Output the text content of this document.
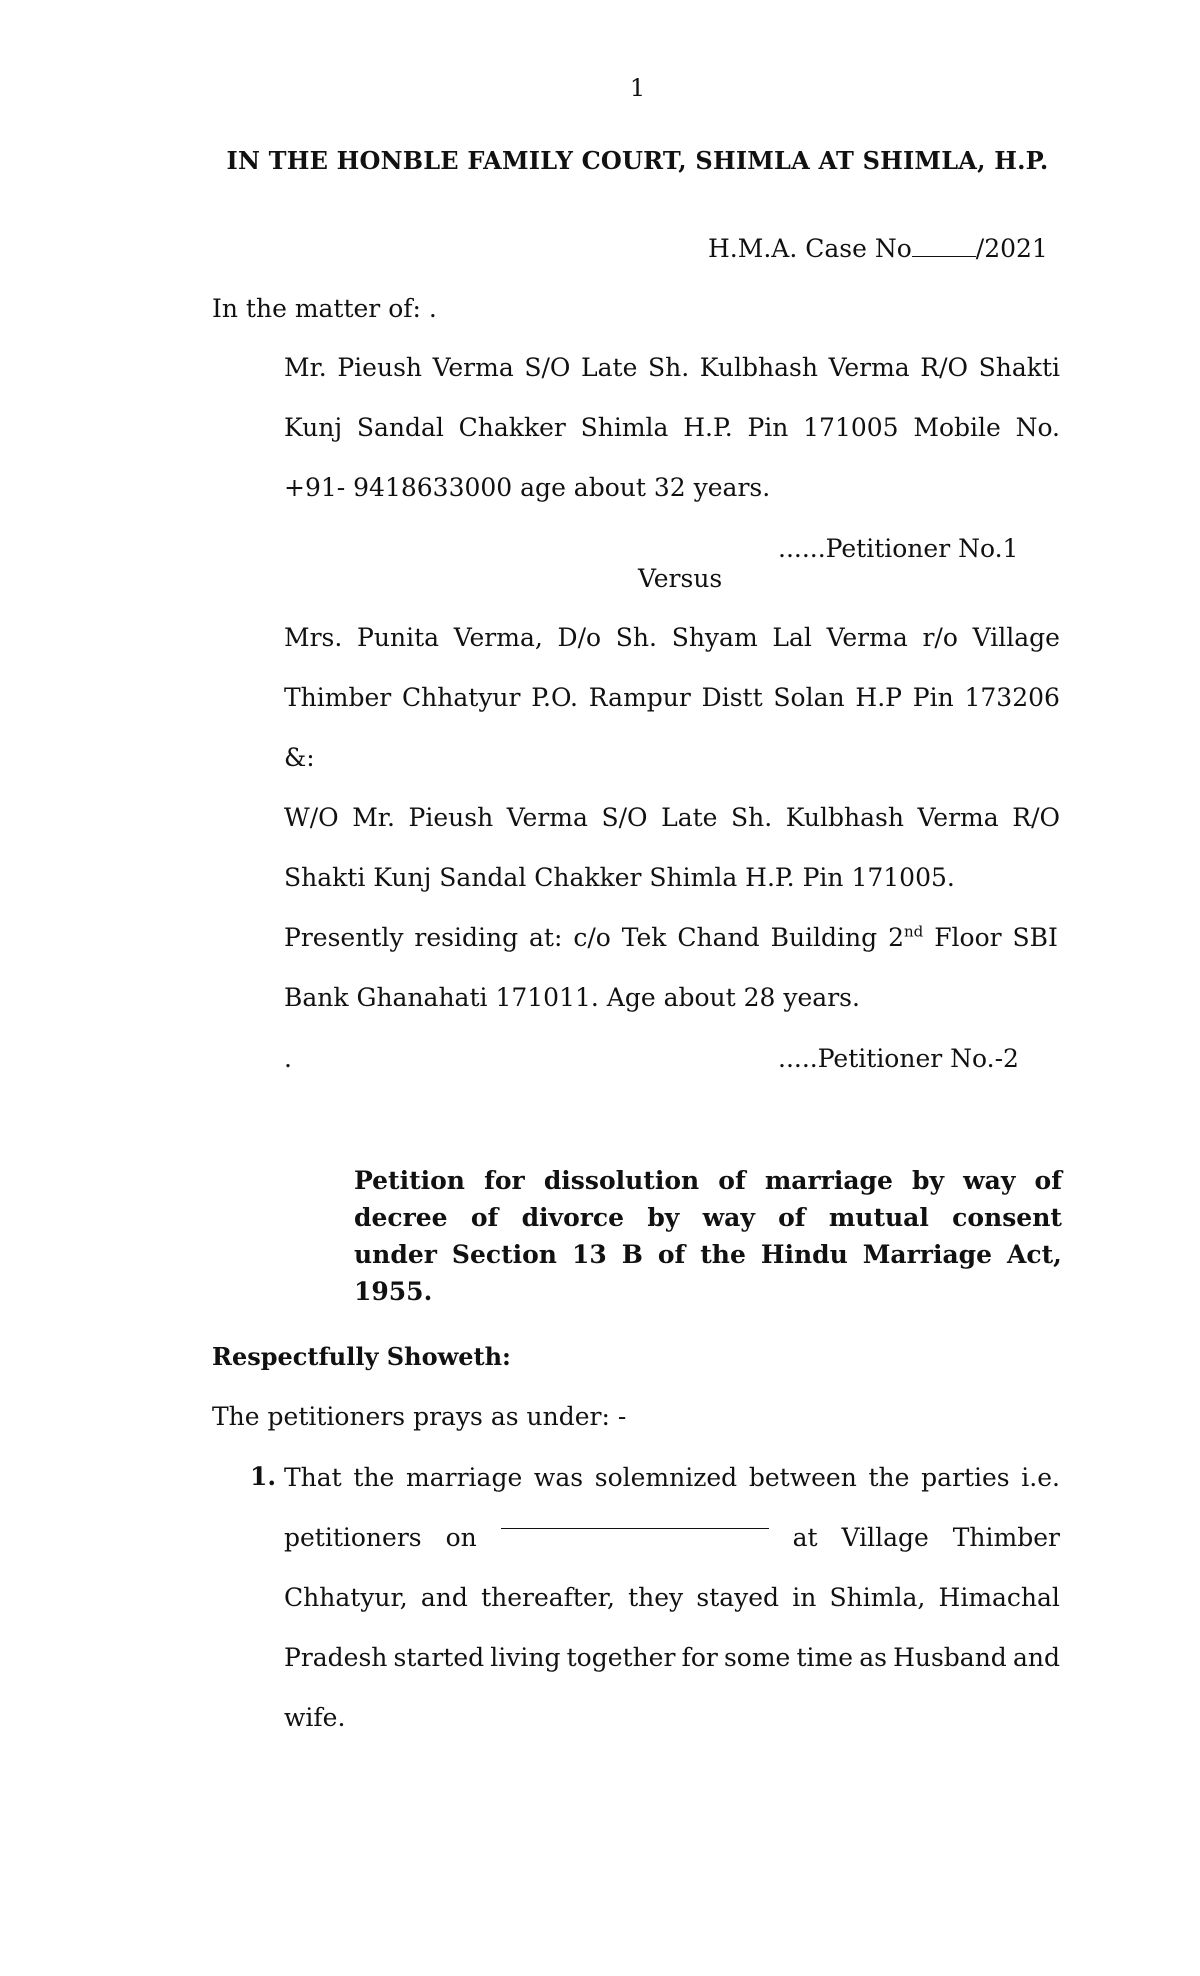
1
IN THE HONBLE FAMILY COURT, SHIMLA AT SHIMLA, H.P.
H.M.A. Case No	/2021
In the matter of: .
Mr. Pieush Verma S/O Late Sh. Kulbhash Verma R/O Shakti
Kunj Sandal Chakker Shimla H.P. Pin 171005 Mobile No.
+91- 9418633000 age about 32 years.
......Petitioner No.1
Versus
Mrs. Punita Verma, D/o Sh. Shyam Lal Verma r/o Village
Thimber Chhatyur P.O. Rampur Distt Solan H.P Pin 173206
&:
W/O Mr. Pieush Verma S/O Late Sh. Kulbhash Verma R/O
Shakti Kunj Sandal Chakker Shimla H.P. Pin 171005.
Presently residing at: c/o Tek Chand Building 2nd Floor SBI
Bank Ghanahati 171011. Age about 28 years.
.	.....Petitioner No.-2
Petition for dissolution of marriage by way of
decree of divorce by way of mutual consent
under Section 13 B of the Hindu Marriage Act,
1955.
Respectfully Showeth:
The petitioners prays as under: -
1. That the marriage was solemnized between the parties i.e.
petitioners on	at Village Thimber
Chhatyur, and thereafter, they stayed in Shimla, Himachal
Pradesh started living together for some time as Husband and
wife.
